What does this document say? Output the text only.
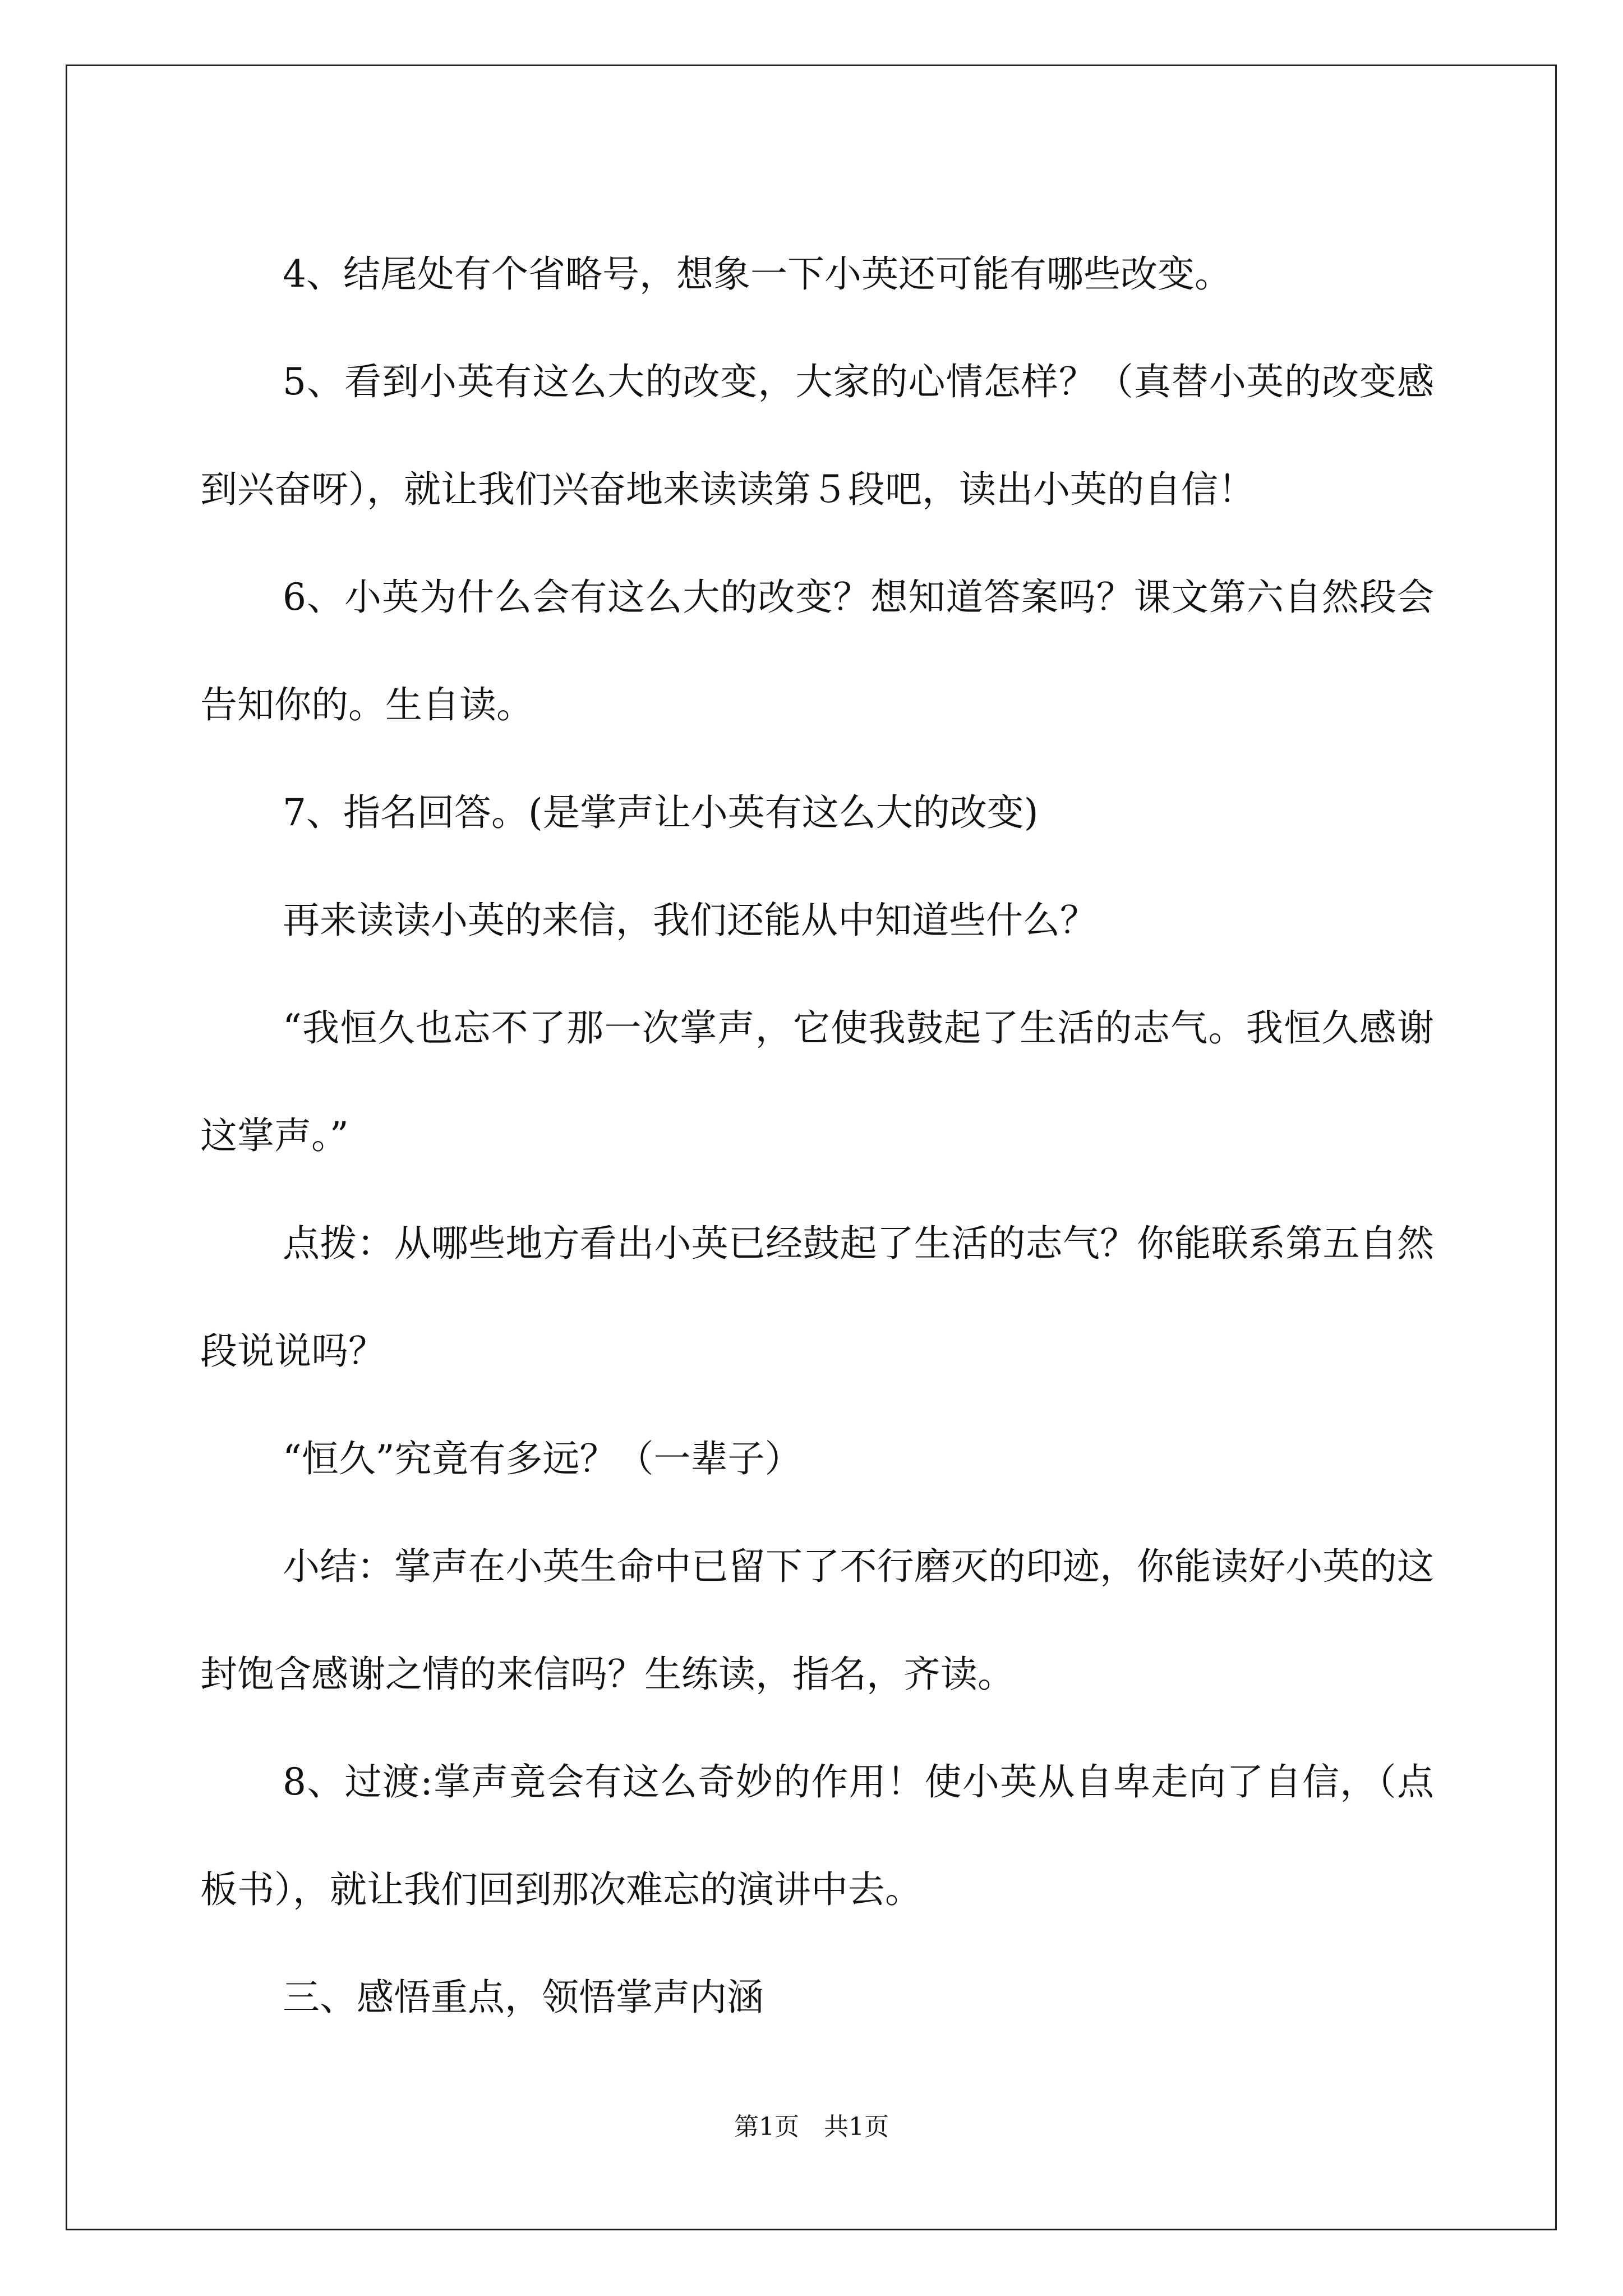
4、结尾处有个省略号，想象一下小英还可能有哪些改变。

5、看到小英有这么大的改变，大家的心情怎样？（真替小英的改变感到兴奋呀），就让我们兴奋地来读读第５段吧，读出小英的自信！

6、小英为什么会有这么大的改变？想知道答案吗？课文第六自然段会告知你的。生自读。

7、指名回答。(是掌声让小英有这么大的改变)

再来读读小英的来信，我们还能从中知道些什么？

“我恒久也忘不了那一次掌声，它使我鼓起了生活的志气。我恒久感谢这掌声。”

点拨：从哪些地方看出小英已经鼓起了生活的志气？你能联系第五自然段说说吗？

“恒久”究竟有多远？（一辈子）

小结：掌声在小英生命中已留下了不行磨灭的印迹，你能读好小英的这封饱含感谢之情的来信吗？生练读，指名，齐读。

8、过渡:掌声竟会有这么奇妙的作用！使小英从自卑走向了自信，（点板书），就让我们回到那次难忘的演讲中去。

三、感悟重点，领悟掌声内涵

第1页　共1页
